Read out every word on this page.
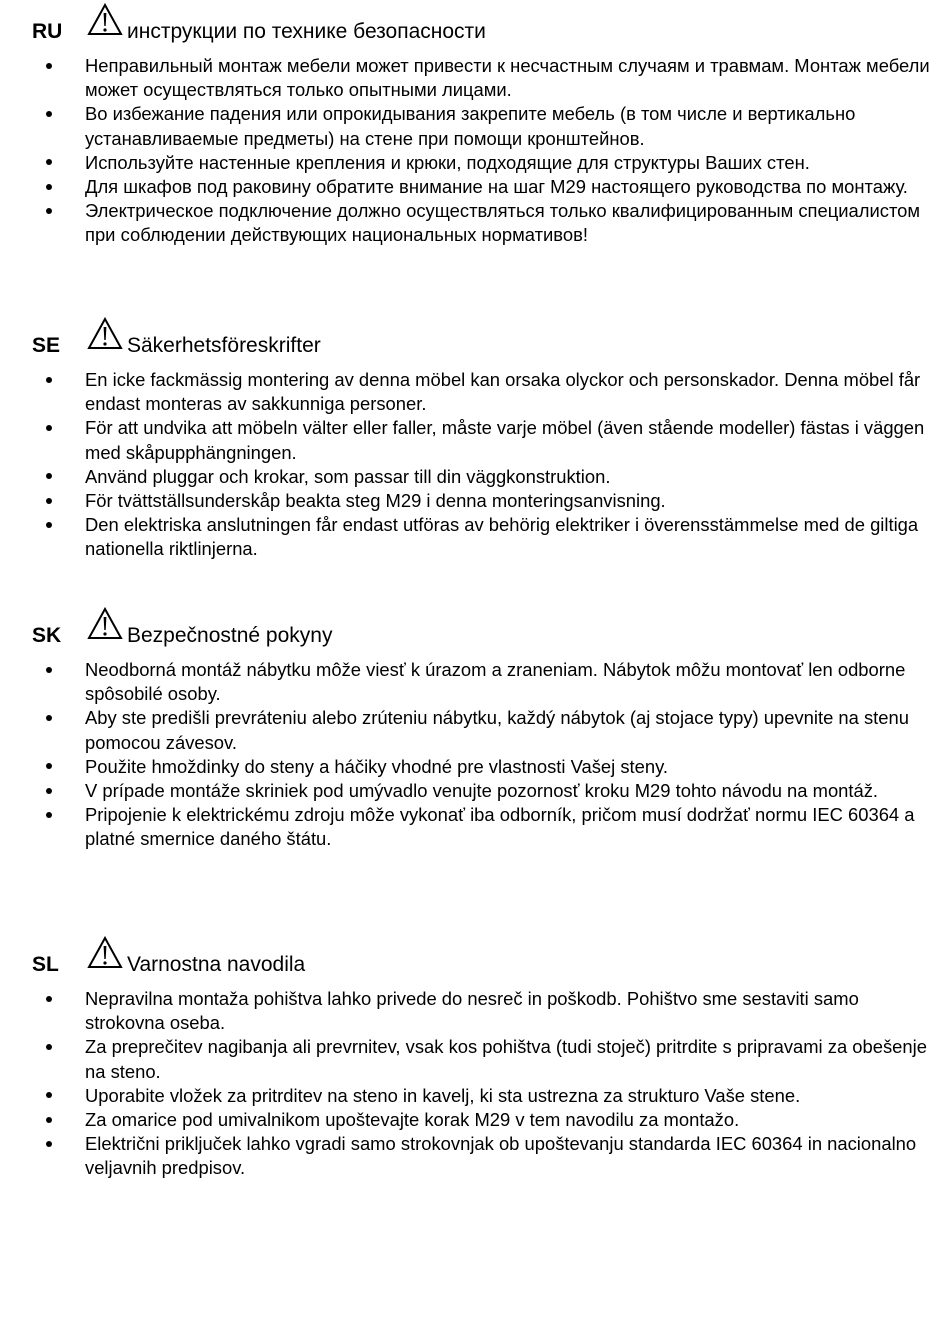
RU	инструкции по технике безопасности
Неправильный монтаж мебели может привести к несчастным случаям и травмам. Монтаж мебели может осуществляться только опытными лицами.
Во избежание падения или опрокидывания закрепите мебель (в том числе и вертикально устанавливаемые предметы) на стене при помощи кронштейнов.
Используйте настенные крепления и крюки, подходящие для структуры Ваших стен.
Для шкафов под раковину обратите внимание на шаг М29 настоящего руководства по монтажу.
Электрическое подключение должно осуществляться только квалифицированным специалистом при соблюдении действующих национальных нормативов!
SE	Säkerhetsföreskrifter
En icke fackmässig montering av denna möbel kan orsaka olyckor och personskador. Denna möbel får endast monteras av sakkunniga personer.
För att undvika att möbeln välter eller faller, måste varje möbel (även stående modeller) fästas i väggen med skåpupphängningen.
Använd pluggar och krokar, som passar till din väggkonstruktion.
För tvättställsunderskåp beakta steg M29 i denna monteringsanvisning.
Den elektriska anslutningen får endast utföras av behörig elektriker i överensstämmelse med de giltiga nationella riktlinjerna.
SK	Bezpečnostné pokyny
Neodborná montáž nábytku môže viesť k úrazom a zraneniam. Nábytok môžu montovať len odborne spôsobilé osoby.
Aby ste predišli prevráteniu alebo zrúteniu nábytku, každý nábytok (aj stojace typy) upevnite na stenu pomocou závesov.
Použite hmoždinky do steny a háčiky vhodné pre vlastnosti Vašej steny.
V prípade montáže skriniek pod umývadlo venujte pozornosť kroku M29 tohto návodu na montáž.
Pripojenie k elektrickému zdroju môže vykonať iba odborník, pričom musí dodržať normu IEC 60364 a platné smernice daného štátu.
SL	Varnostna navodila
Nepravilna montaža pohištva lahko privede do nesreč in poškodb. Pohištvo sme sestaviti samo strokovna oseba.
Za preprečitev nagibanja ali prevrnitev, vsak kos pohištva (tudi stoječ) pritrdite s pripravami za obešenje na steno.
Uporabite vložek za pritrditev na steno in kavelj, ki sta ustrezna za strukturo Vaše stene.
Za omarice pod umivalnikom upoštevajte korak M29 v tem navodilu za montažo.
Električni priključek lahko vgradi samo strokovnjak ob upoštevanju standarda IEC 60364 in nacionalno veljavnih predpisov.
